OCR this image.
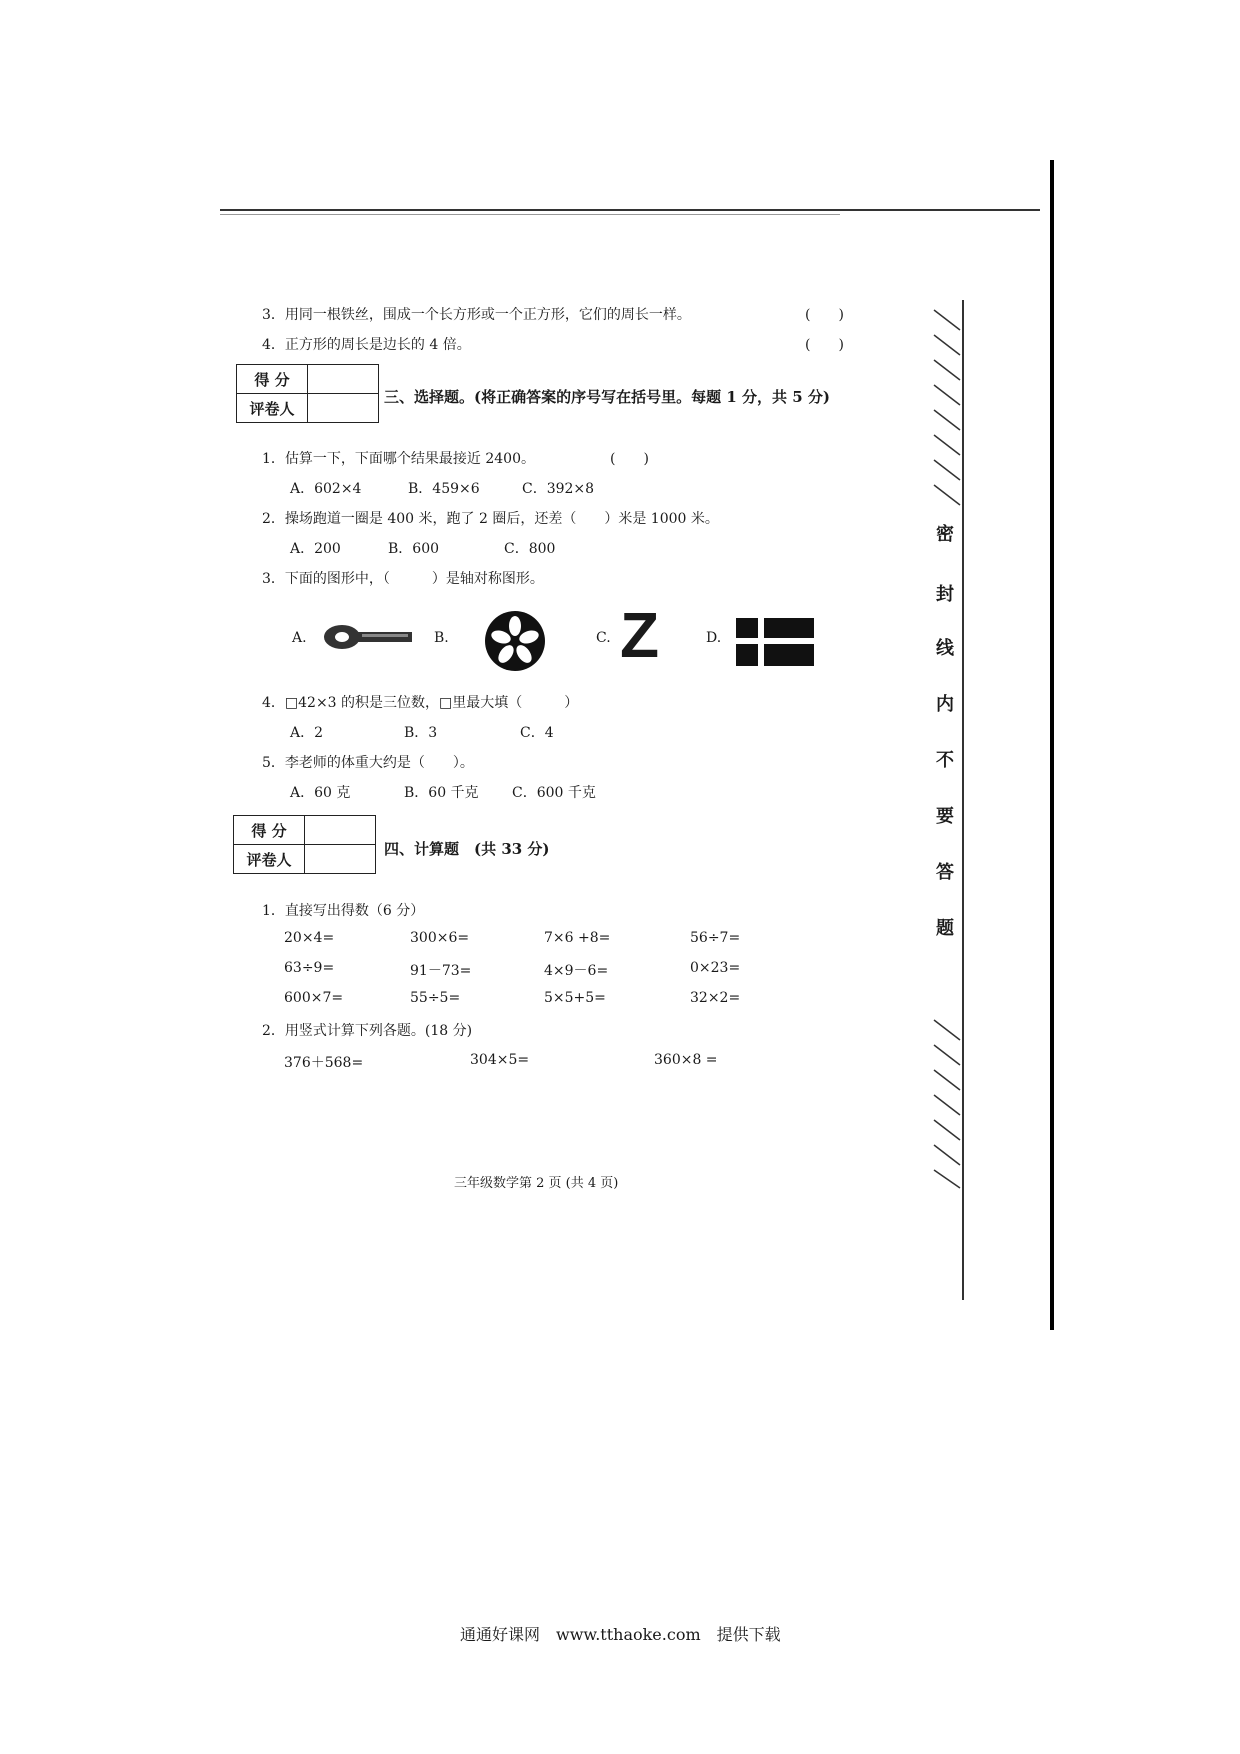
3．用同一根铁丝，围成一个长方形或一个正方形，它们的周长一样。	(　　)
4．正方形的周长是边长的 4 倍。	(　　)
得 分	
评卷人	
三、选择题。(将正确答案的序号写在括号里。每题 1 分，共 5 分)
1．估算一下，下面哪个结果最接近 2400。	(　　)
A．602×4	B．459×6	C．392×8
2．操场跑道一圈是 400 米，跑了 2 圈后，还差（　　）米是 1000 米。
A．200	B．600	C．800
3．下面的图形中，（　　　）是轴对称图形。
A.	B.	C. Z	D.
4．□42×3 的积是三位数，□里最大填（　　　）
A．2	B．3	C．4
5．李老师的体重大约是（　　）。
A．60 克	B．60 千克 C．600 千克
得 分	
评卷人	
四、计算题　(共 33 分)
1．直接写出得数（6 分）
20×4=	300×6=	7×6 +8=	56÷7=
63÷9=	91－73=	4×9－6=	0×23=
600×7=	55÷5=	5×5+5=	32×2=
2．用竖式计算下列各题。(18 分)
376＋568=	304×5=	360×8 =
三年级数学第 2 页 (共 4 页)
密
封
线
内
不
要
答
题
通通好课网　www.tthaoke.com　提供下载
